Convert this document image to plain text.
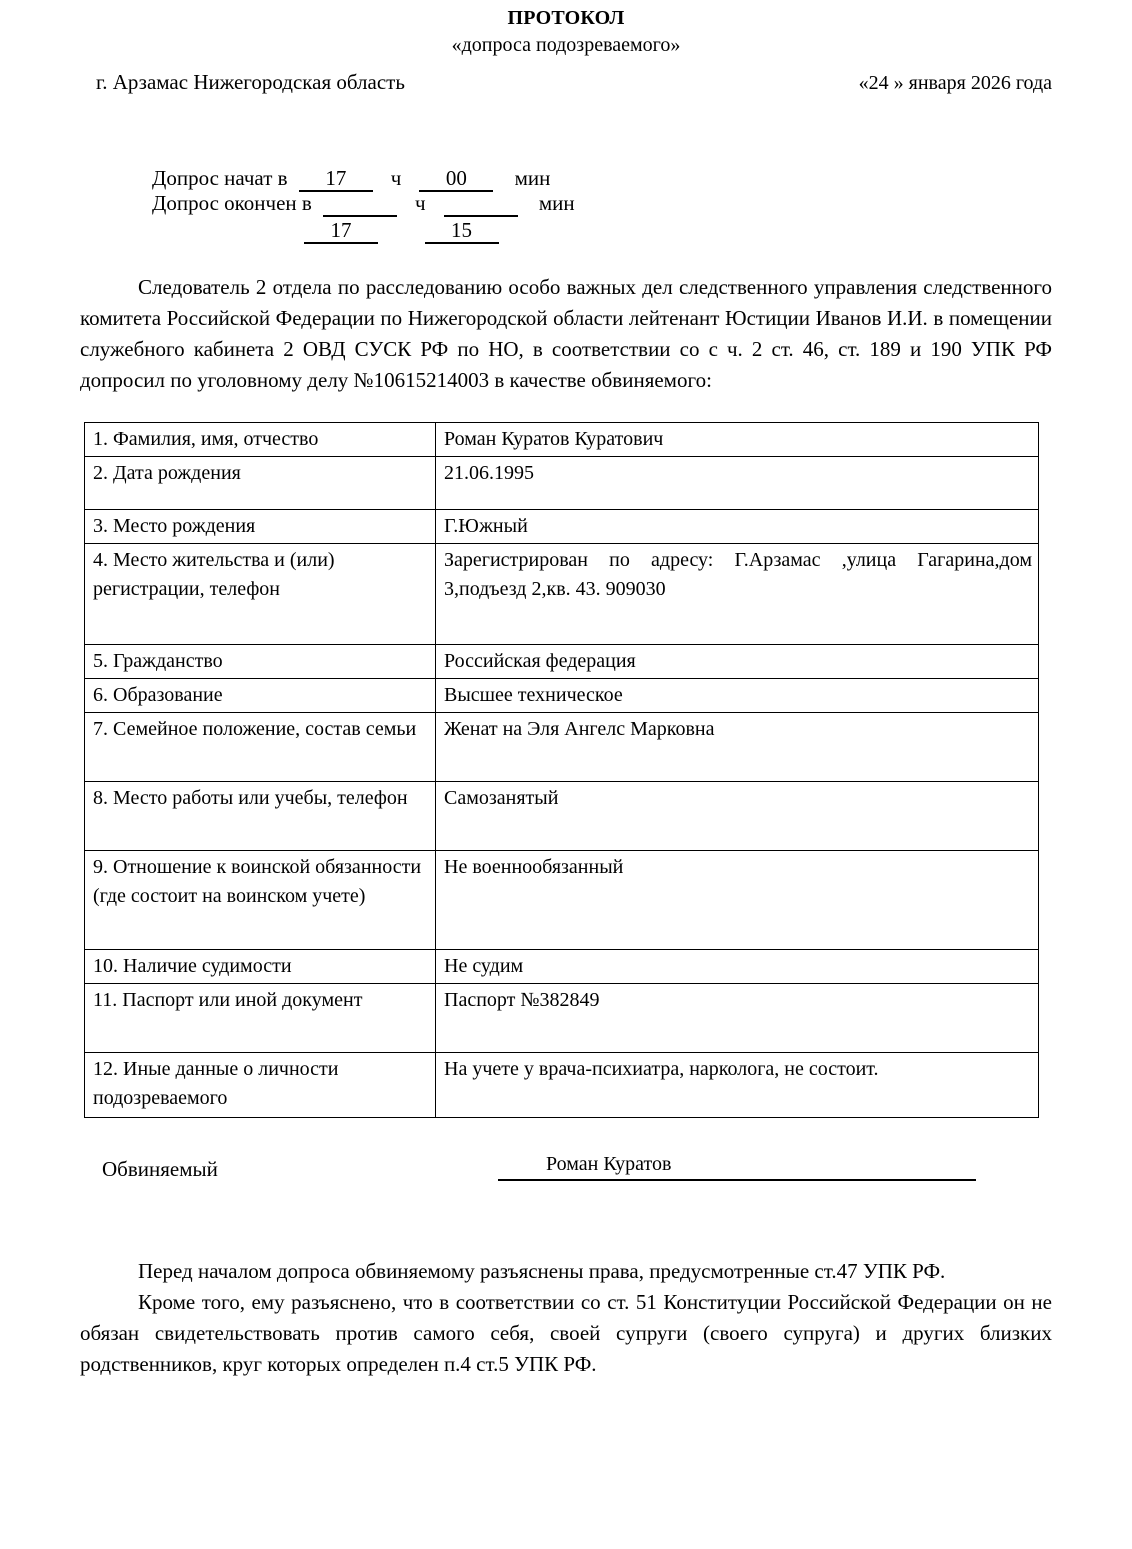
ПРОТОКОЛ
«допроса подозреваемого»
г. Арзамас Нижегородская область	«24 » января 2026 года
Допрос начат в 17 ч 00 мин
Допрос окончен в	ч	мин
17	15

Следователь 2 отдела по расследованию особо важных дел следственного управления следственного комитета Российской Федерации по Нижегородской области лейтенант Юстиции Иванов И.И. в помещении служебного кабинета 2 ОВД СУСК РФ по НО, в соответствии со с ч. 2 ст. 46, ст. 189 и 190 УПК РФ допросил по уголовному делу №10615214003 в качестве обвиняемого:

1. Фамилия, имя, отчество	Роман Куратов Куратович
2. Дата рождения	21.06.1995
3. Место рождения	Г.Южный
4. Место жительства и (или) регистрации, телефон	Зарегистрирован по адресу: Г.Арзамас ,улица Гагарина,дом 3,подъезд 2,кв. 43. 909030
5. Гражданство	Российская федерация
6. Образование	Высшее техническое
7. Семейное положение, состав семьи	Женат на Эля Ангелс Марковна
8. Место работы или учебы, телефон	Самозанятый
9. Отношение к воинской обязанности (где состоит на воинском учете)	Не военнообязанный
10. Наличие судимости	Не судим
11. Паспорт или иной документ	Паспорт №382849
12. Иные данные о личности подозреваемого	На учете у врача-психиатра, нарколога, не состоит.
Обвиняемый	Роман Куратов

Перед началом допроса обвиняемому разъяснены права, предусмотренные ст.47 УПК РФ.

Кроме того, ему разъяснено, что в соответствии со ст. 51 Конституции Российской Федерации он не обязан свидетельствовать против самого себя, своей супруги (своего супруга) и других близких родственников, круг которых определен п.4 ст.5 УПК РФ.
